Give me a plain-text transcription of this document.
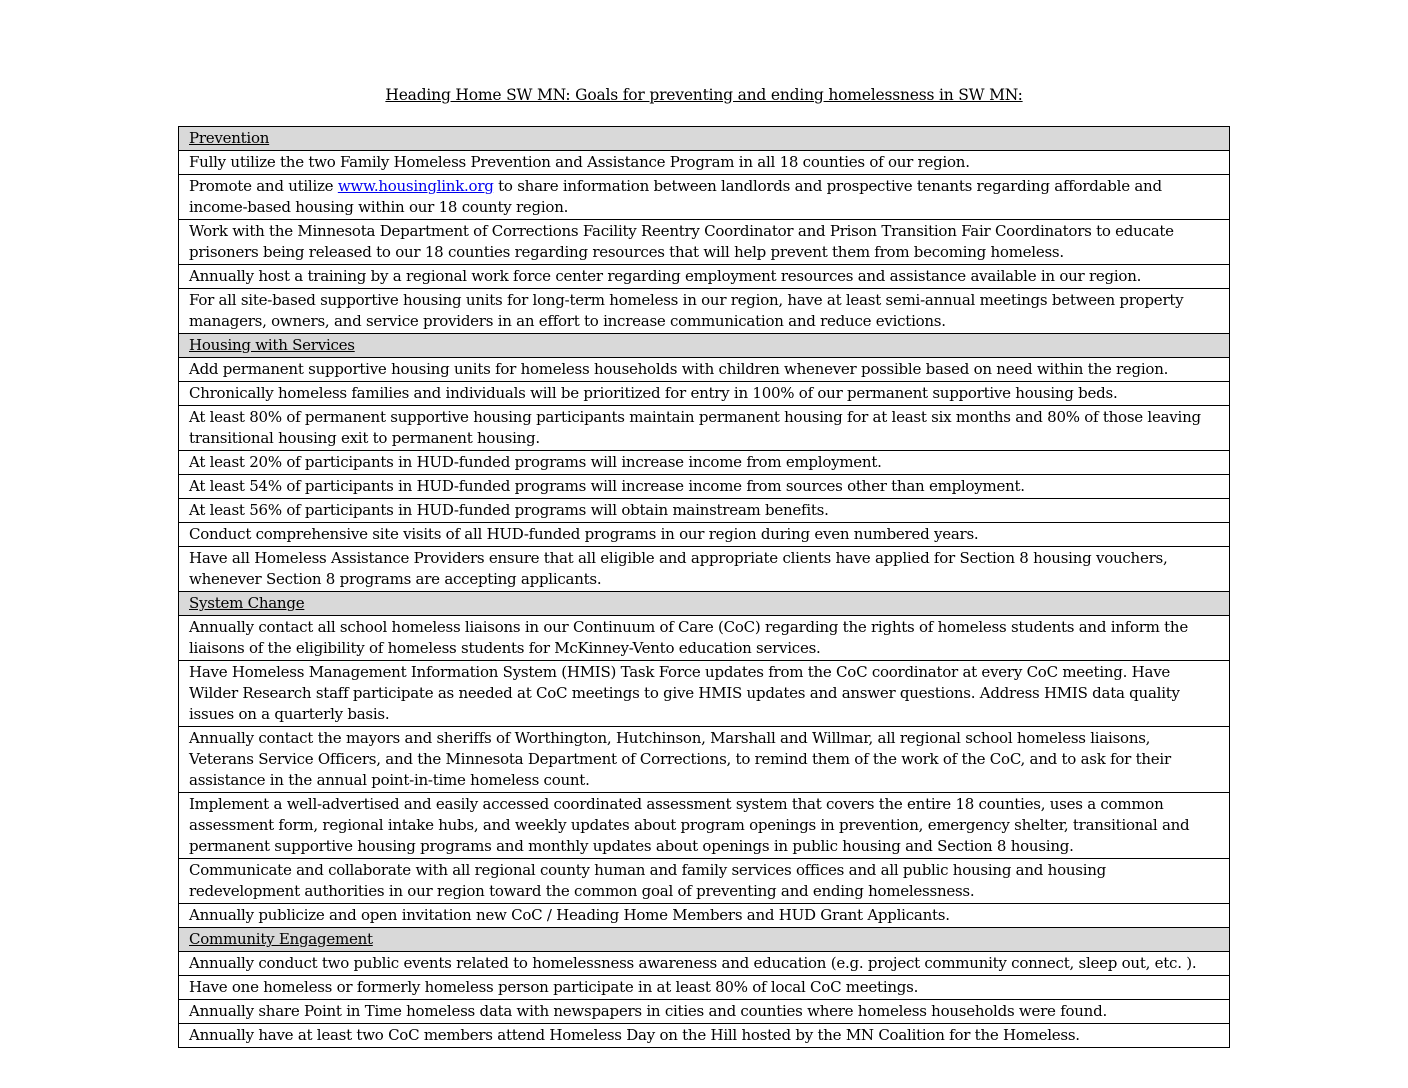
Heading Home SW MN: Goals for preventing and ending homelessness in SW MN:
Prevention
Fully utilize the two Family Homeless Prevention and Assistance Program in all 18 counties of our region.
Promote and utilize www.housinglink.org to share information between landlords and prospective tenants regarding affordable and income-based housing within our 18 county region.
Work with the Minnesota Department of Corrections Facility Reentry Coordinator and Prison Transition Fair Coordinators to educate prisoners being released to our 18 counties regarding resources that will help prevent them from becoming homeless.
Annually host a training by a regional work force center regarding employment resources and assistance available in our region.
For all site-based supportive housing units for long-term homeless in our region, have at least semi-annual meetings between property managers, owners, and service providers in an effort to increase communication and reduce evictions.
Housing with Services
Add permanent supportive housing units for homeless households with children whenever possible based on need within the region.
Chronically homeless families and individuals will be prioritized for entry in 100% of our permanent supportive housing beds.
At least 80% of permanent supportive housing participants maintain permanent housing for at least six months and 80% of those leaving transitional housing exit to permanent housing.
At least 20% of participants in HUD-funded programs will increase income from employment.
At least 54% of participants in HUD-funded programs will increase income from sources other than employment.
At least 56% of participants in HUD-funded programs will obtain mainstream benefits.
Conduct comprehensive site visits of all HUD-funded programs in our region during even numbered years.
Have all Homeless Assistance Providers ensure that all eligible and appropriate clients have applied for Section 8 housing vouchers, whenever Section 8 programs are accepting applicants.
System Change
Annually contact all school homeless liaisons in our Continuum of Care (CoC) regarding the rights of homeless students and inform the liaisons of the eligibility of homeless students for McKinney-Vento education services.
Have Homeless Management Information System (HMIS) Task Force updates from the CoC coordinator at every CoC meeting. Have Wilder Research staff participate as needed at CoC meetings to give HMIS updates and answer questions. Address HMIS data quality issues on a quarterly basis.
Annually contact the mayors and sheriffs of Worthington, Hutchinson, Marshall and Willmar, all regional school homeless liaisons, Veterans Service Officers, and the Minnesota Department of Corrections, to remind them of the work of the CoC, and to ask for their assistance in the annual point-in-time homeless count.
Implement a well-advertised and easily accessed coordinated assessment system that covers the entire 18 counties, uses a common assessment form, regional intake hubs, and weekly updates about program openings in prevention, emergency shelter, transitional and permanent supportive housing programs and monthly updates about openings in public housing and Section 8 housing.
Communicate and collaborate with all regional county human and family services offices and all public housing and housing redevelopment authorities in our region toward the common goal of preventing and ending homelessness.
Annually publicize and open invitation new CoC / Heading Home Members and HUD Grant Applicants.
Community Engagement
Annually conduct two public events related to homelessness awareness and education (e.g. project community connect, sleep out, etc. ).
Have one homeless or formerly homeless person participate in at least 80% of local CoC meetings.
Annually share Point in Time homeless data with newspapers in cities and counties where homeless households were found.
Annually have at least two CoC members attend Homeless Day on the Hill hosted by the MN Coalition for the Homeless.
